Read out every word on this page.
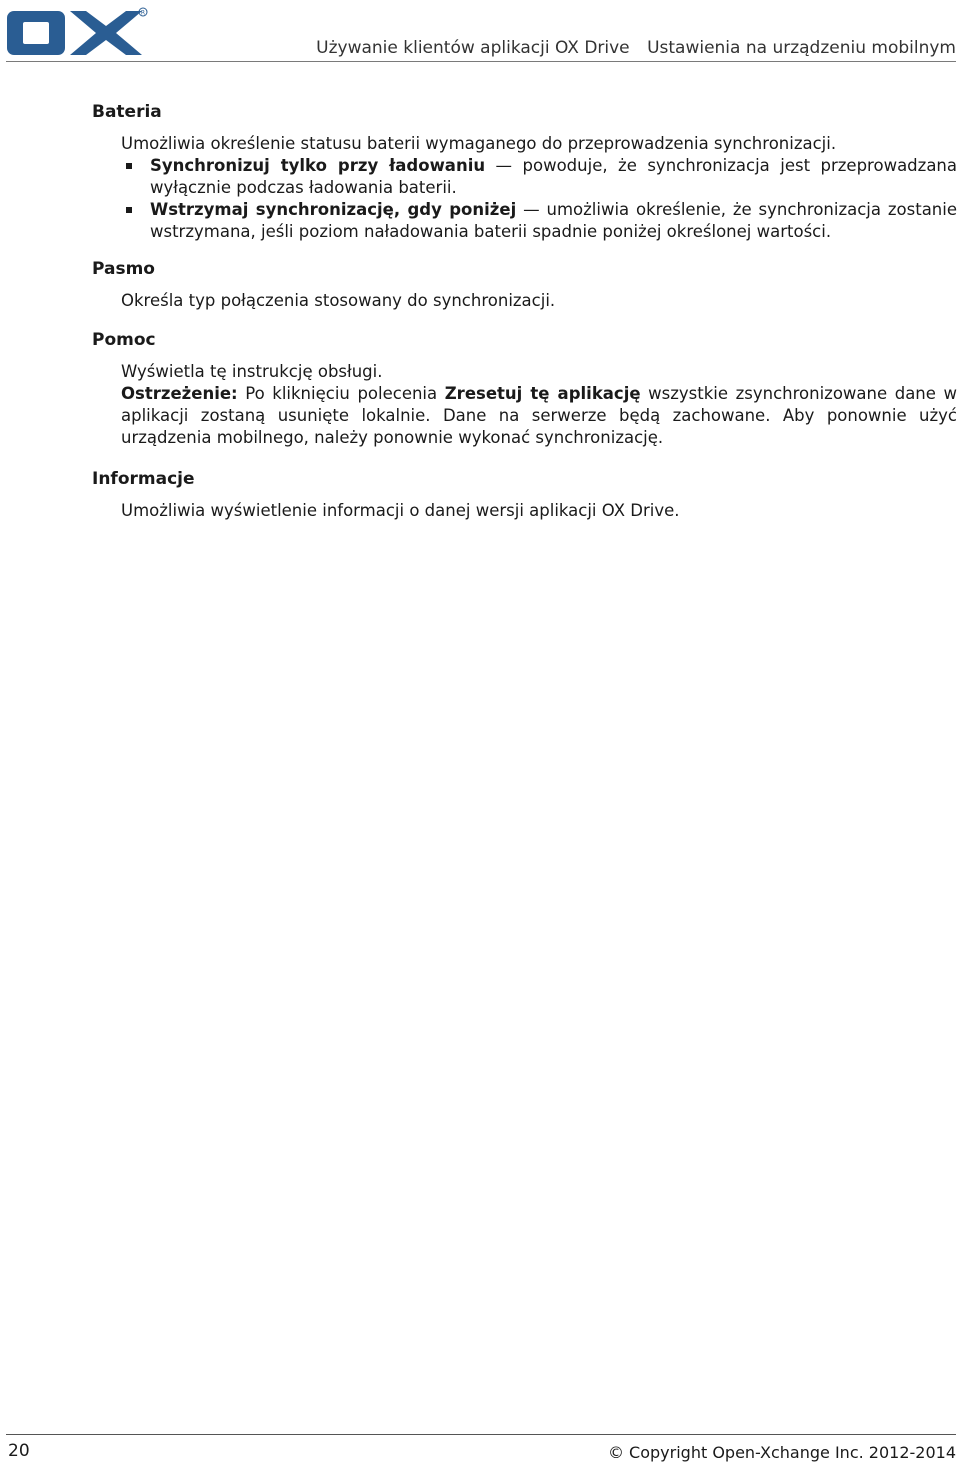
R
Używanie klientów aplikacji OX Drive Ustawienia na urządzeniu mobilnym

Bateria

Umożliwia określenie statusu baterii wymaganego do przeprowadzenia synchronizacji.

Synchronizuj tylko przy ładowaniu — powoduje, że synchronizacja jest przeprowadzana wyłącznie podczas ładowania baterii.
Wstrzymaj synchronizację, gdy poniżej — umożliwia określenie, że synchronizacja zostanie wstrzymana, jeśli poziom naładowania baterii spadnie poniżej określonej wartości.

Pasmo

Określa typ połączenia stosowany do synchronizacji.

Pomoc

Wyświetla tę instrukcję obsługi.

Ostrzeżenie: Po kliknięciu polecenia Zresetuj tę aplikację wszystkie zsynchronizowane dane w aplikacji zostaną usunięte lokalnie. Dane na serwerze będą zachowane. Aby ponownie użyć urządzenia mobilnego, należy ponownie wykonać synchronizację.

Informacje

Umożliwia wyświetlenie informacji o danej wersji aplikacji OX Drive.

20	© Copyright Open-Xchange Inc. 2012-2014
